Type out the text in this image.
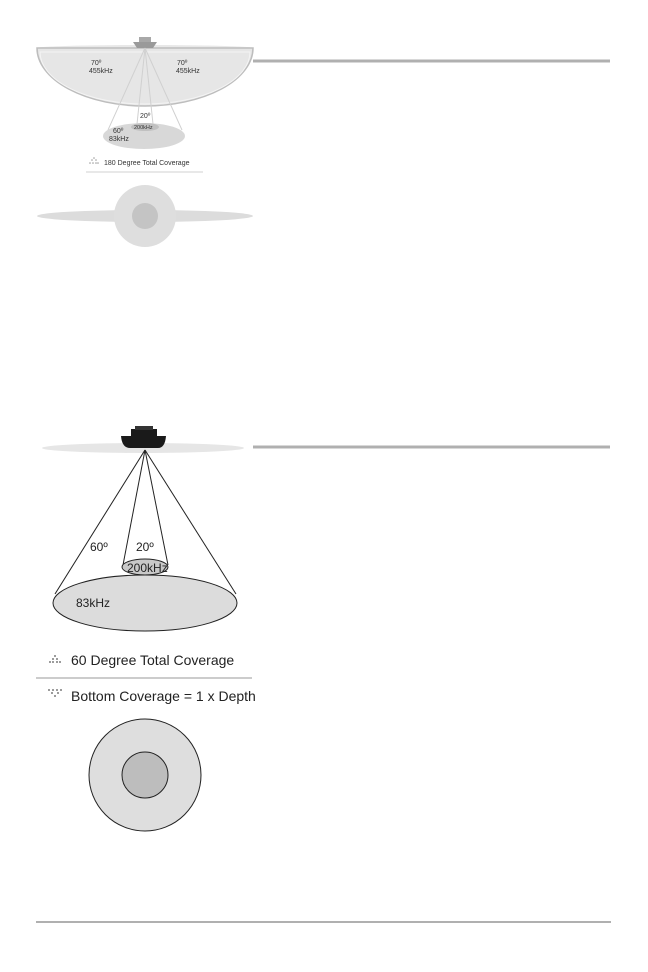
70º
455kHz
70º
455kHz
20º
200kHz
60º
83kHz
180 Degree Total Coverage
60º 20º
200kHz
83kHz
60 Degree Total Coverage
Bottom Coverage = 1 x Depth
